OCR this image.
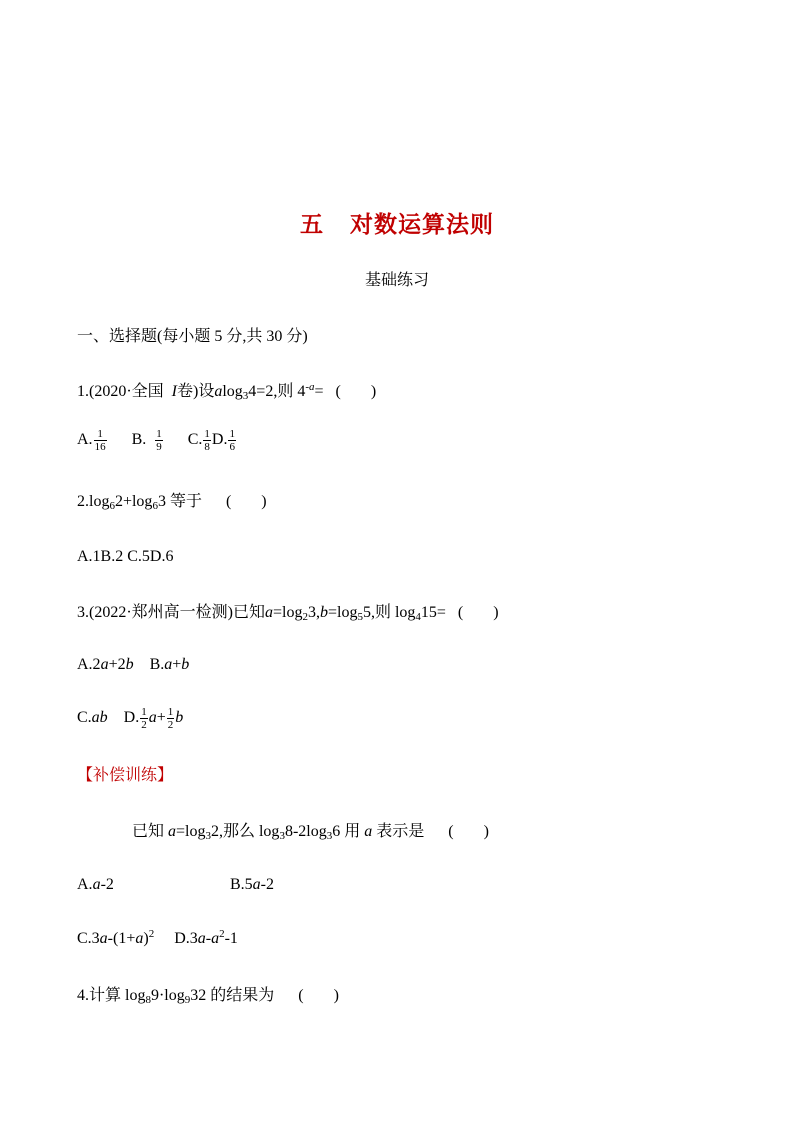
五 对数运算法则
基础练习
一、选择题(每小题 5 分,共 30 分)
1.(2020·全国 I卷)设alog$_3$4=2,则 $4^{-a}=$ ( )
A. $\frac{1}{16} B$. $\frac{1}{9} C$. $\frac{1}{8} D$. $\frac{1}{6}$
$2.\log_62+\log_63$ 等于 ( )
A.1B.2 C.5D.6
3.(2022·郑州高一检测)已知$a=\log_23,b=\log_55$,则 $\log_415=$ ( )
A.2a+2b B.a+b
C.ab D. $\frac{1}{2} a+ \frac{1}{2}$ b
【补偿训练】
已知 $a=\log_32$,那么 $\log_38-2\log_36$ 用 a 表示是 ( )
A.a-2	B.5a-2
$C.3a-(1+a)^2$ $D.3a-a^2-1$
4.计算 $\log_89\cdot\log_932$ 的结果为 ( )
